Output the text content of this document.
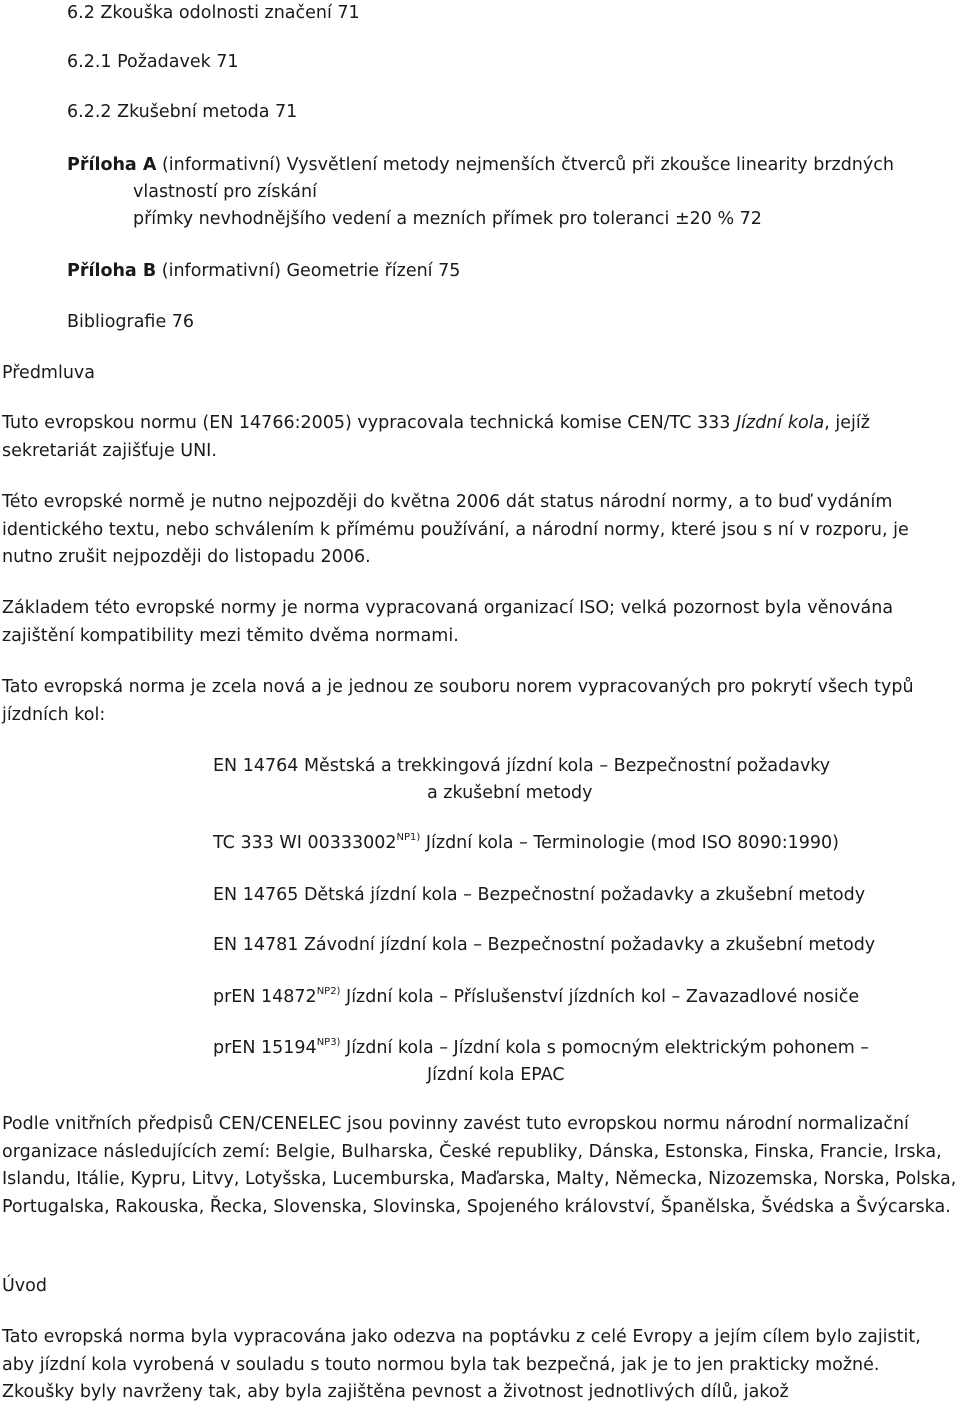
6.2 Zkouška odolnosti značení 71
6.2.1 Požadavek 71
6.2.2 Zkušební metoda 71
Příloha A (informativní) Vysvětlení metody nejmenších čtverců při zkoušce linearity brzdných
vlastností pro získání
přímky nevhodnějšího vedení a mezních přímek pro toleranci ±20 % 72
Příloha B (informativní) Geometrie řízení 75
Bibliografie 76
Předmluva

Tuto evropskou normu (EN 14766:2005) vypracovala technická komise CEN/TC 333 Jízdní kola, jejíž sekretariát zajišťuje UNI.

Této evropské normě je nutno nejpozději do května 2006 dát status národní normy, a to buď vydáním identického textu, nebo schválením k přímému používání, a národní normy, které jsou s ní v rozporu, je nutno zrušit nejpozději do listopadu 2006.

Základem této evropské normy je norma vypracovaná organizací ISO; velká pozornost byla věnována zajištění kompatibility mezi těmito dvěma normami.

Tato evropská norma je zcela nová a je jednou ze souboru norem vypracovaných pro pokrytí všech typů jízdních kol:

EN 14764 Městská a trekkingová jízdní kola – Bezpečnostní požadavky
a zkušební metody
TC 333 WI $00333002^{NP1)}$ Jízdní kola – Terminologie (mod ISO 8090:1990)
EN 14765 Dětská jízdní kola – Bezpečnostní požadavky a zkušební metody
EN 14781 Závodní jízdní kola – Bezpečnostní požadavky a zkušební metody
prEN $14872^{NP2)}$ Jízdní kola – Příslušenství jízdních kol – Zavazadlové nosiče
prEN $15194^{NP3)}$ Jízdní kola – Jízdní kola s pomocným elektrickým pohonem –
Jízdní kola EPAC

Podle vnitřních předpisů CEN/CENELEC jsou povinny zavést tuto evropskou normu národní normalizační organizace následujících zemí: Belgie, Bulharska, České republiky, Dánska, Estonska, Finska, Francie, Irska, Islandu, Itálie, Kypru, Litvy, Lotyšska, Lucemburska, Maďarska, Malty, Německa, Nizozemska, Norska, Polska, Portugalska, Rakouska, Řecka, Slovenska, Slovinska, Spojeného království, Španělska, Švédska a Švýcarska.

Úvod

Tato evropská norma byla vypracována jako odezva na poptávku z celé Evropy a jejím cílem bylo zajistit, aby jízdní kola vyrobená v souladu s touto normou byla tak bezpečná, jak je to jen prakticky možné. Zkoušky byly navrženy tak, aby byla zajištěna pevnost a životnost jednotlivých dílů, jakož
